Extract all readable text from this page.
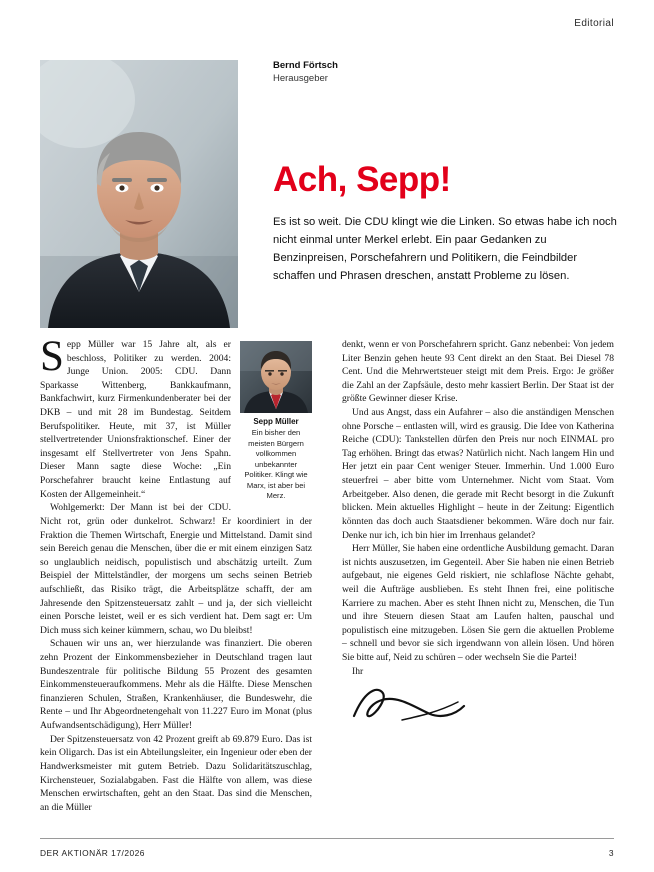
Editorial
Bernd Förtsch
Herausgeber
Ach, Sepp!
Es ist so weit. Die CDU klingt wie die Linken. So etwas habe ich noch nicht einmal unter Merkel erlebt. Ein paar Gedanken zu Benzinpreisen, Porschefahrern und Politikern, die Feindbilder schaffen und Phrasen dreschen, anstatt Probleme zu lösen.
Sepp Müller
Ein bisher den meisten Bürgern vollkommen unbekannter Politiker. Klingt wie Marx, ist aber bei Merz.

Sepp Müller war 15 Jahre alt, als er beschloss, Politiker zu werden. 2004: Junge Union. 2005: CDU. Dann Sparkasse Wittenberg, Bankkaufmann, Bankfachwirt, kurz Firmenkundenberater bei der DKB – und mit 28 im Bundestag. Seitdem Berufspolitiker. Heute, mit 37, ist Müller stellvertretender Unionsfraktionschef. Einer der insgesamt elf Stellvertreter von Jens Spahn. Dieser Mann sagte diese Woche: „Ein Porschefahrer braucht keine Entlastung auf Kosten der Allgemeinheit.“

Wohlgemerkt: Der Mann ist bei der CDU. Nicht rot, grün oder dunkelrot. Schwarz! Er koordiniert in der Fraktion die Themen Wirtschaft, Energie und Mittelstand. Damit sind sein Bereich genau die Menschen, über die er mit einem einzigen Satz so unglaublich neidisch, populistisch und abschätzig urteilt. Zum Beispiel der Mittelständler, der morgens um sechs seinen Betrieb aufschließt, das Risiko trägt, die Arbeitsplätze schafft, der am Jahresende den Spitzensteuersatz zahlt – und ja, der sich vielleicht einen Porsche leistet, weil er es sich verdient hat. Dem sagt er: Um Dich muss sich keiner kümmern, schau, wo Du bleibst!

Schauen wir uns an, wer hierzulande was finanziert. Die oberen zehn Prozent der Einkommensbezieher in Deutschland tragen laut Bundeszentrale für politische Bildung 55 Prozent des gesamten Einkommensteueraufkommens. Mehr als die Hälfte. Diese Menschen finanzieren Schulen, Straßen, Krankenhäuser, die Bundeswehr, die Rente – und Ihr Abgeordnetengehalt von 11.227 Euro im Monat (plus Aufwandsentschädigung), Herr Müller!

Der Spitzensteuersatz von 42 Prozent greift ab 69.879 Euro. Das ist kein Oligarch. Das ist ein Abteilungsleiter, ein Ingenieur oder eben der Handwerksmeister mit gutem Betrieb. Dazu Solidaritätszuschlag, Kirchensteuer, Sozialabgaben. Fast die Hälfte von allem, was diese Menschen erwirtschaften, geht an den Staat. Das sind die Menschen, an die Müller

denkt, wenn er von Porschefahrern spricht. Ganz nebenbei: Von jedem Liter Benzin gehen heute 93 Cent direkt an den Staat. Bei Diesel 78 Cent. Und die Mehrwertsteuer steigt mit dem Preis. Ergo: Je größer die Zahl an der Zapfsäule, desto mehr kassiert Berlin. Der Staat ist der größte Gewinner dieser Krise.

Und aus Angst, dass ein Aufahrer – also die anständigen Menschen ohne Porsche – entlasten will, wird es grausig. Die Idee von Katherina Reiche (CDU): Tankstellen dürfen den Preis nur noch EINMAL pro Tag erhöhen. Bringt das etwas? Natürlich nicht. Nach langem Hin und Her jetzt ein paar Cent weniger Steuer. Immerhin. Und 1.000 Euro steuerfrei – aber bitte vom Unternehmer. Nicht vom Staat. Vom Arbeitgeber. Also denen, die gerade mit Recht besorgt in die Zukunft blicken. Mein aktuelles Highlight – heute in der Zeitung: Eigentlich könnten das doch auch Staatsdiener bekommen. Wäre doch nur fair. Denke nur ich, ich bin hier im Irrenhaus gelandet?

Herr Müller, Sie haben eine ordentliche Ausbildung gemacht. Daran ist nichts auszusetzen, im Gegenteil. Aber Sie haben nie einen Betrieb aufgebaut, nie eigenes Geld riskiert, nie schlaflose Nächte gehabt, weil die Aufträge ausblieben. Es steht Ihnen frei, eine politische Karriere zu machen. Aber es steht Ihnen nicht zu, Menschen, die Tun und ihre Steuern diesen Staat am Laufen halten, pauschal und populistisch eine mitzugeben. Lösen Sie gern die aktuellen Probleme – schnell und bevor sie sich irgendwann von allein lösen. Und hören Sie bitte auf, Neid zu schüren – oder wechseln Sie die Partei!

Ihr

DER AKTIONÄR 17/2026	3
